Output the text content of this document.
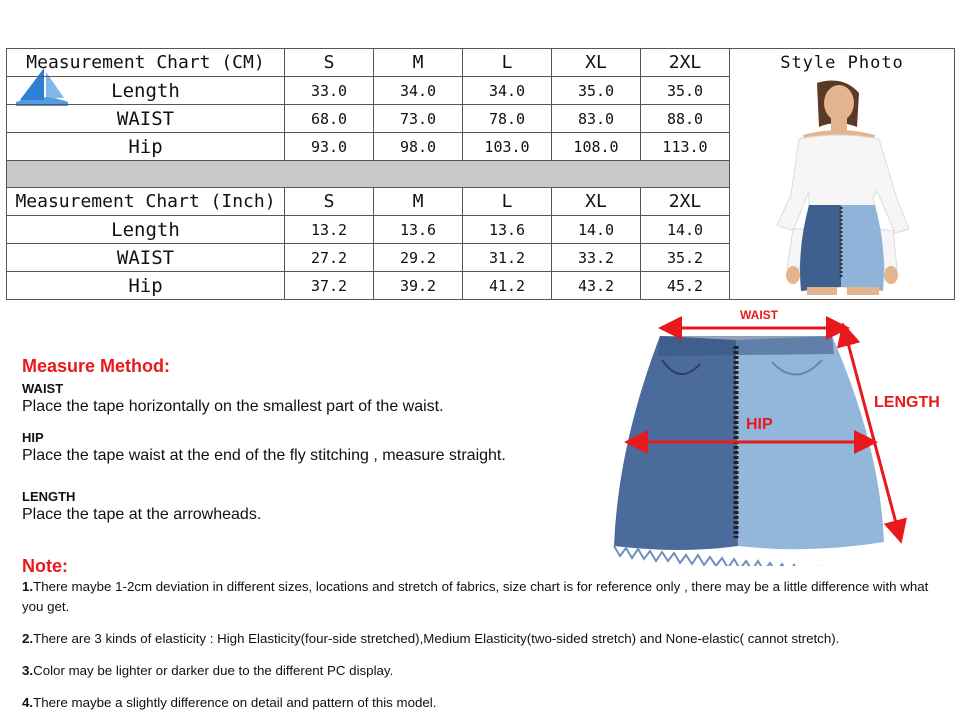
Measurement Chart (CM)	S	M	L	XL	2XL	Style Photo

Length	33.0	34.0	34.0	35.0	35.0	
WAIST	68.0	73.0	78.0	83.0	88.0	
Hip	93.0	98.0	103.0	108.0	113.0	

Measurement Chart (Inch)	S	M	L	XL	2XL	
Length	13.2	13.6	13.6	14.0	14.0	
WAIST	27.2	29.2	31.2	33.2	35.2	
Hip	37.2	39.2	41.2	43.2	45.2	
Measure Method:
WAIST
Place the tape horizontally on the smallest part of the waist.
HIP
Place the tape waist at the end of the fly stitching , measure straight.
LENGTH
Place the tape at the arrowheads.
WAIST
HIP
LENGTH
Note:
1.There maybe 1-2cm deviation in different sizes, locations and stretch of fabrics, size chart is for reference only , there may be a little difference with what you get.
2.There are 3 kinds of elasticity : High Elasticity(four-side stretched),Medium Elasticity(two-sided stretch) and None-elastic( cannot stretch).
3.Color may be lighter or darker due to the different PC display.
4.There maybe a slightly difference on detail and pattern of this model.
